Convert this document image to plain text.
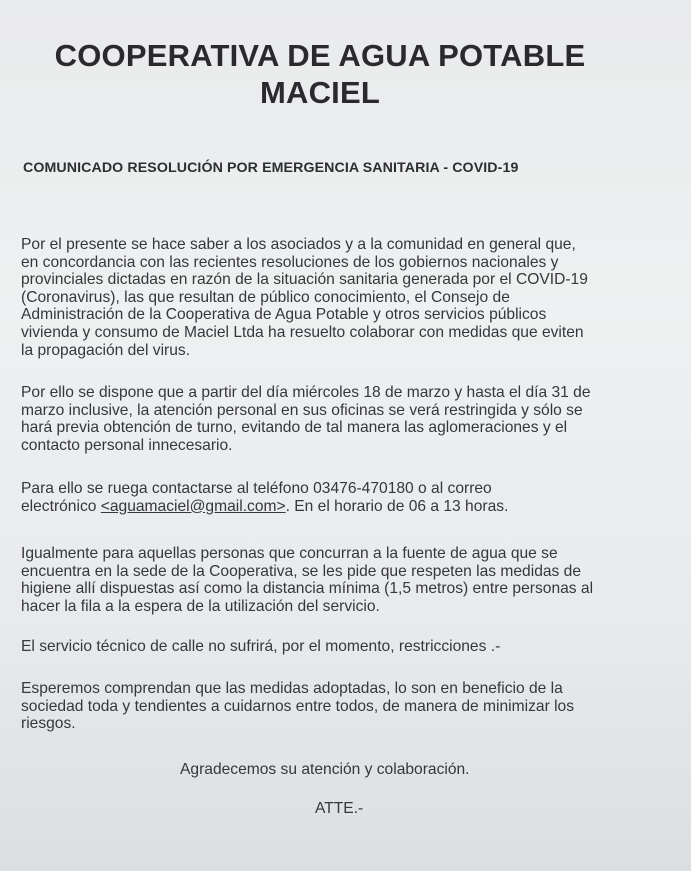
COOPERATIVA DE AGUA POTABLE
MACIEL
COMUNICADO RESOLUCIÓN POR EMERGENCIA SANITARIA - COVID-19
Por el presente se hace saber a los asociados y a la comunidad en general que,
en concordancia con las recientes resoluciones de los gobiernos nacionales y
provinciales dictadas en razón de la situación sanitaria generada por el COVID-19
(Coronavirus), las que resultan de público conocimiento, el Consejo de
Administración de la Cooperativa de Agua Potable y otros servicios públicos
vivienda y consumo de Maciel Ltda ha resuelto colaborar con medidas que eviten
la propagación del virus.
Por ello se dispone que a partir del día miércoles 18 de marzo y hasta el día 31 de
marzo inclusive, la atención personal en sus oficinas se verá restringida y sólo se
hará previa obtención de turno, evitando de tal manera las aglomeraciones y el
contacto personal innecesario.
Para ello se ruega contactarse al teléfono 03476-470180 o al correo
electrónico <aguamaciel@gmail.com>. En el horario de 06 a 13 horas.
Igualmente para aquellas personas que concurran a la fuente de agua que se
encuentra en la sede de la Cooperativa, se les pide que respeten las medidas de
higiene allí dispuestas así como la distancia mínima (1,5 metros) entre personas al
hacer la fila a la espera de la utilización del servicio.
El servicio técnico de calle no sufrirá, por el momento, restricciones .-
Esperemos comprendan que las medidas adoptadas, lo son en beneficio de la
sociedad toda y tendientes a cuidarnos entre todos, de manera de minimizar los
riesgos.
Agradecemos su atención y colaboración.
ATTE.-
